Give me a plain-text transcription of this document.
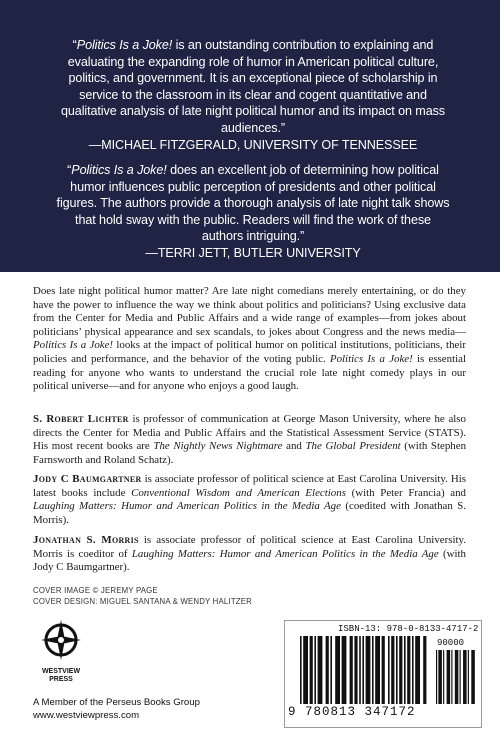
“Politics Is a Joke! is an outstanding contribution to explaining and evaluating the expanding role of humor in American political culture, politics, and government. It is an exceptional piece of scholarship in service to the classroom in its clear and cogent quantitative and qualitative analysis of late night political humor and its impact on mass audiences.”
—MICHAEL FITZGERALD, UNIVERSITY OF TENNESSEE
“Politics Is a Joke! does an excellent job of determining how political humor influences public perception of presidents and other political figures. The authors provide a thorough analysis of late night talk shows that hold sway with the public. Readers will find the work of these authors intriguing.”
—TERRI JETT, BUTLER UNIVERSITY
Does late night political humor matter? Are late night comedians merely entertaining, or do they have the power to influence the way we think about politics and politicians? Using exclusive data from the Center for Media and Public Affairs and a wide range of examples—from jokes about politicians’ physical appearance and sex scandals, to jokes about Congress and the news media—Politics Is a Joke! looks at the impact of political humor on political institutions, politicians, their policies and performance, and the behavior of the voting public. Politics Is a Joke! is essential reading for anyone who wants to understand the crucial role late night comedy plays in our political universe—and for anyone who enjoys a good laugh.
S. Robert Lichter is professor of communication at George Mason University, where he also directs the Center for Media and Public Affairs and the Statistical Assessment Service (STATS). His most recent books are The Nightly News Nightmare and The Global President (with Stephen Farnsworth and Roland Schatz).
Jody C Baumgartner is associate professor of political science at East Carolina University. His latest books include Conventional Wisdom and American Elections (with Peter Francia) and Laughing Matters: Humor and American Politics in the Media Age (coedited with Jonathan S. Morris).
Jonathan S. Morris is associate professor of political science at East Carolina University. Morris is coeditor of Laughing Matters: Humor and American Politics in the Media Age (with Jody C Baumgartner).
COVER IMAGE © JEREMY PAGE
COVER DESIGN: MIGUEL SANTANA & WENDY HALITZER
WESTVIEW
PRESS
A Member of the Perseus Books Group
www.westviewpress.com
ISBN-13: 978-0-8133-4717-2
90000
9 780813 347172
